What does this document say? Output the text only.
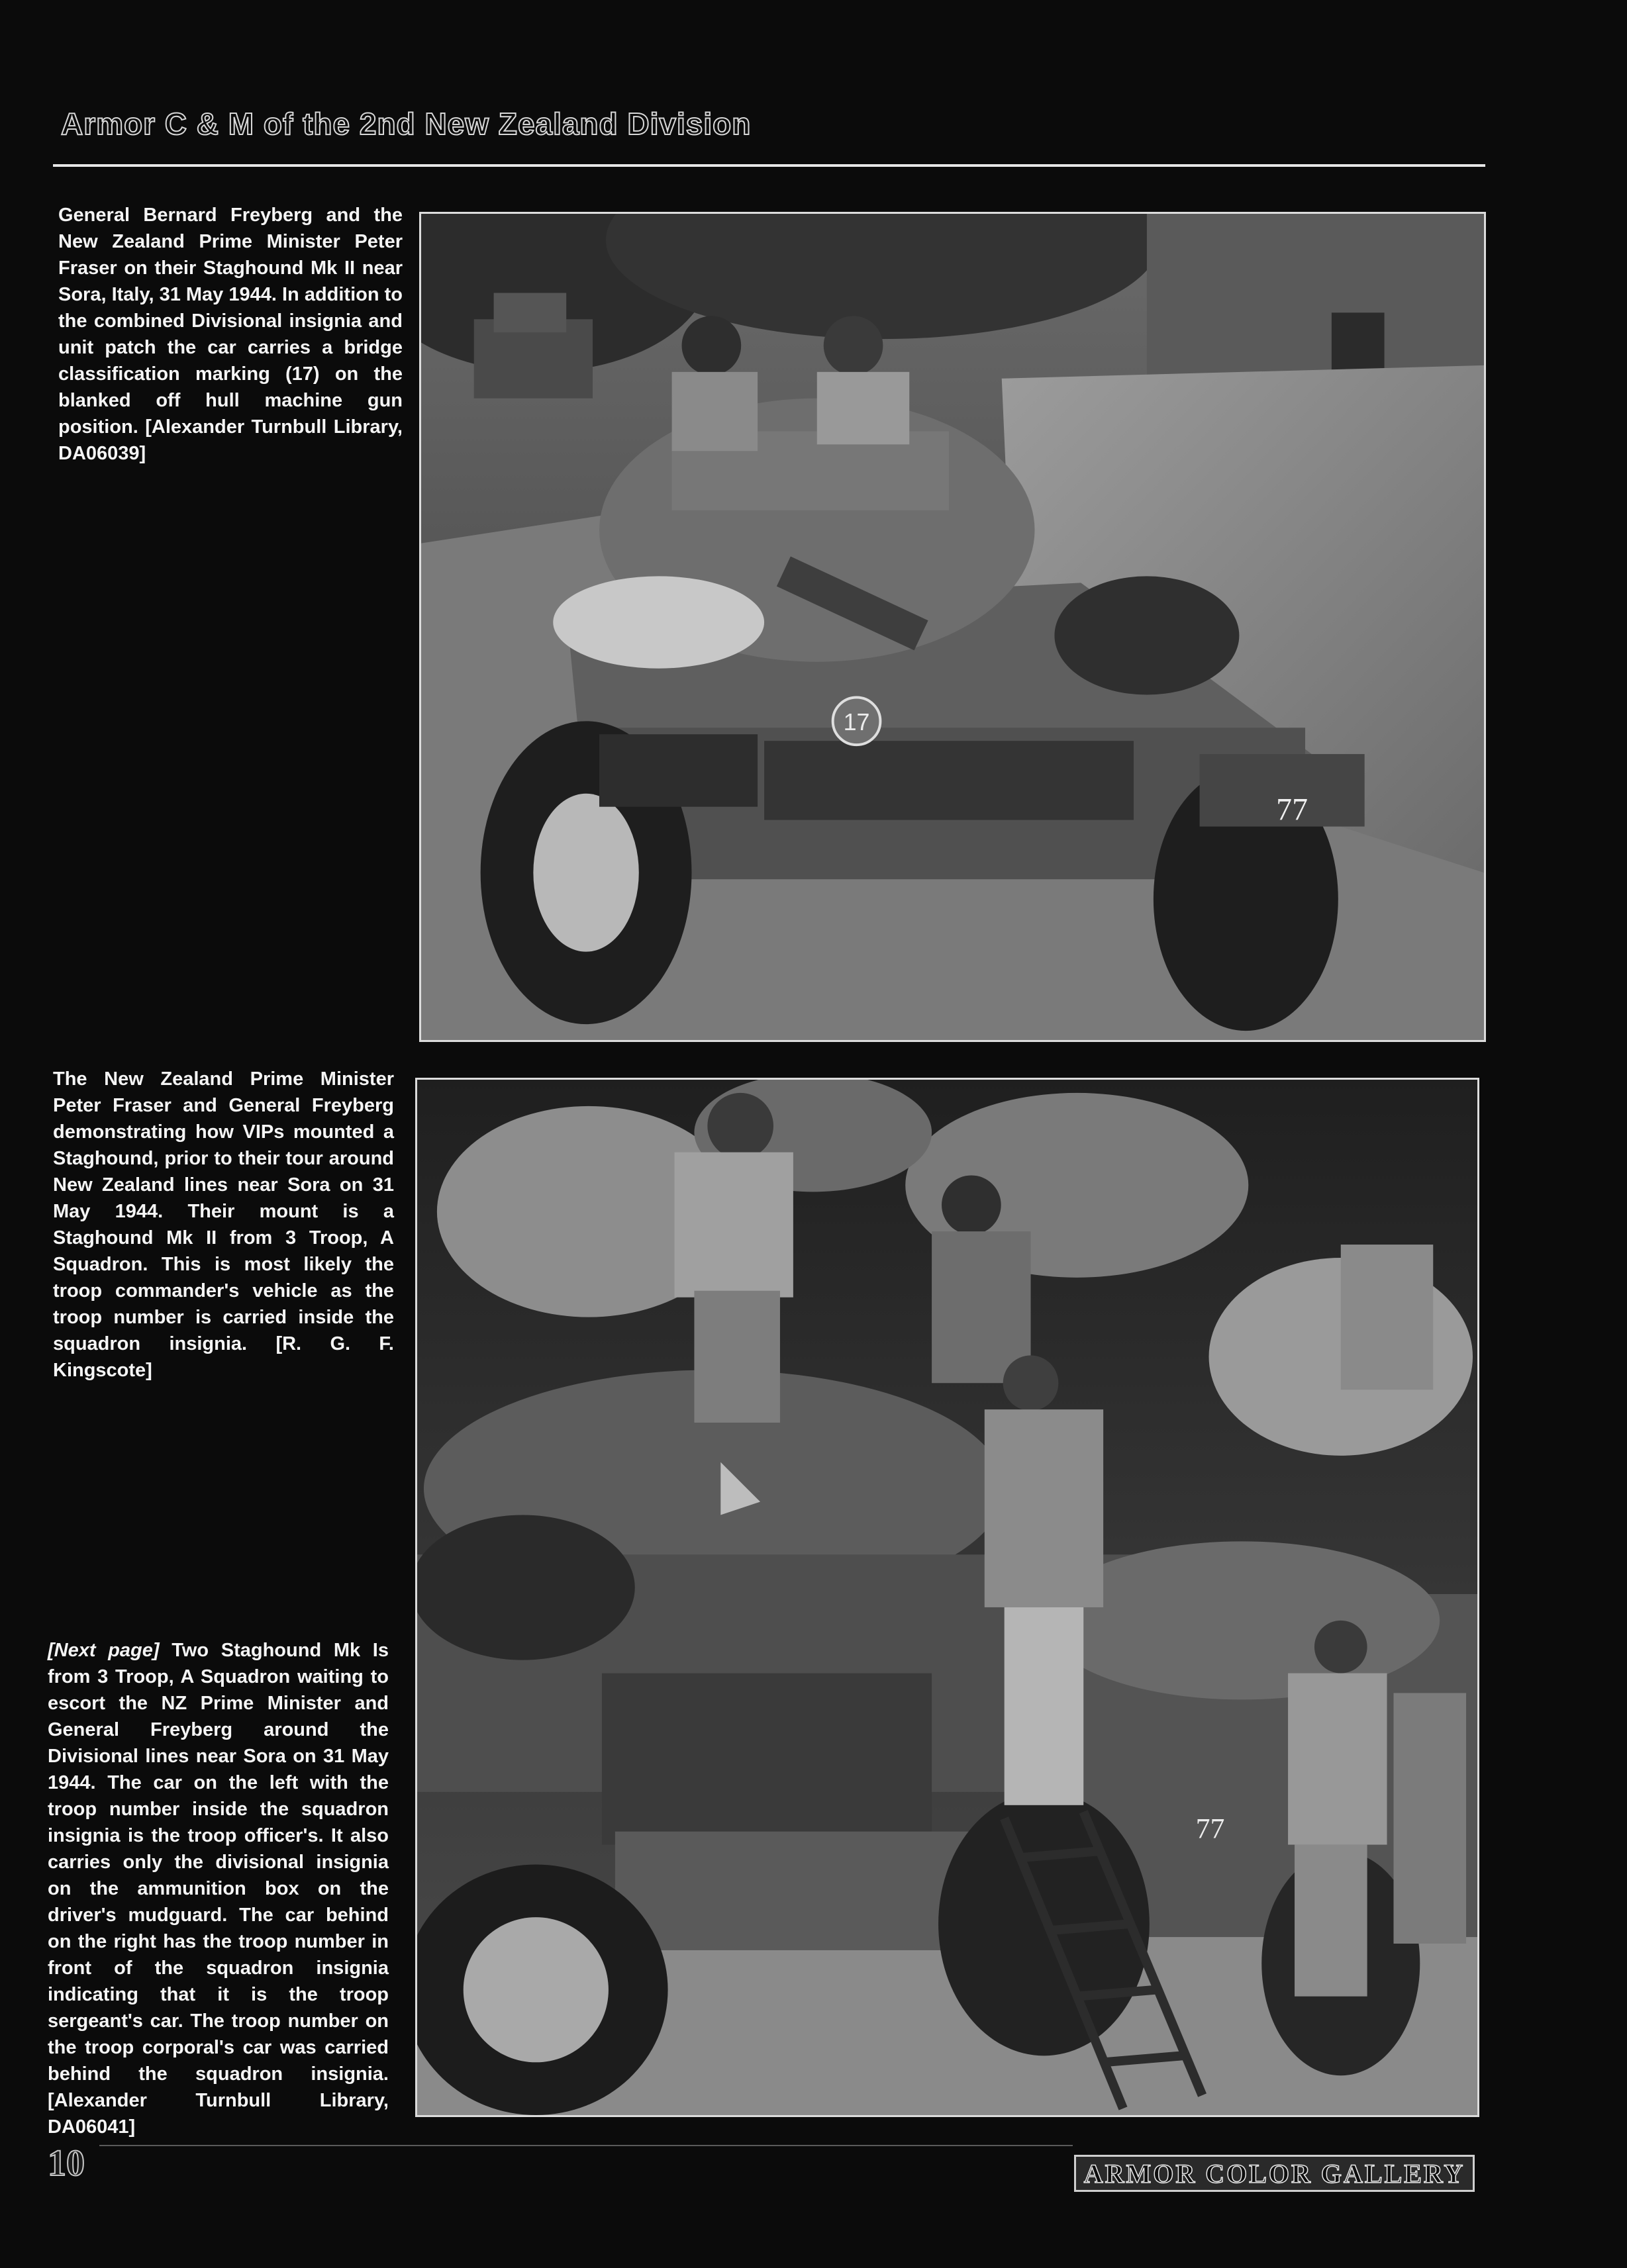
Armor C & M of the 2nd New Zealand Division
General Bernard Freyberg and the New Zealand Prime Minister Peter Fraser on their Staghound Mk II near Sora, Italy, 31 May 1944. In addition to the combined Divisional insignia and unit patch the car carries a bridge classification marking (17) on the blanked off hull machine gun position. [Alexander Turnbull Library, DA06039]
17
77
The New Zealand Prime Minister Peter Fraser and General Freyberg demonstrating how VIPs mounted a Staghound, prior to their tour around New Zealand lines near Sora on 31 May 1944. Their mount is a Staghound Mk II from 3 Troop, A Squadron. This is most likely the troop commander's vehicle as the troop number is carried inside the squadron insignia. [R. G. F. Kingscote]
77
[Next page] Two Staghound Mk Is from 3 Troop, A Squadron waiting to escort the NZ Prime Minister and General Freyberg around the Divisional lines near Sora on 31 May 1944. The car on the left with the troop number inside the squadron insignia is the troop officer's. It also carries only the divisional insignia on the ammunition box on the driver's mudguard. The car behind on the right has the troop number in front of the squadron insignia indicating that it is the troop sergeant's car. The troop number on the troop corporal's car was carried behind the squadron insignia. [Alexander Turnbull Library, DA06041]
10	ARMOR COLOR GALLERY
